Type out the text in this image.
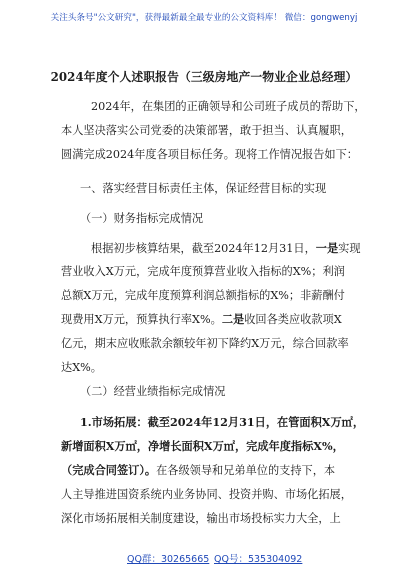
关注头条号"公文研究"，获得最新最全最专业的公文资料库！ 微信：gongwenyj
2024年度个人述职报告（三级房地产一物业企业总经理）
2024年，在集团的正确领导和公司班子成员的帮助下，
本人坚决落实公司党委的决策部署，敢于担当、认真履职，
圆满完成2024年度各项目标任务。现将工作情况报告如下：
一、落实经营目标责任主体，保证经营目标的实现
（一）财务指标完成情况
根据初步核算结果，截至2024年12月31日，一是实现
营业收入X万元，完成年度预算营业收入指标的X%；利润
总额X万元，完成年度预算利润总额指标的X%；非薪酬付
现费用X万元，预算执行率X%。二是收回各类应收款项X
亿元，期末应收账款余额较年初下降约X万元，综合回款率
达X%。
（二）经营业绩指标完成情况
1.市场拓展：截至2024年12月31日，在管面积X万㎡，
新增面积X万㎡，净增长面积X万㎡，完成年度指标X%，
（完成合同签订）。在各级领导和兄弟单位的支持下，本
人主导推进国资系统内业务协同、投资并购、市场化拓展，
深化市场拓展相关制度建设，输出市场投标实力大全，上
QQ群：30265665 QQ号：535304092
